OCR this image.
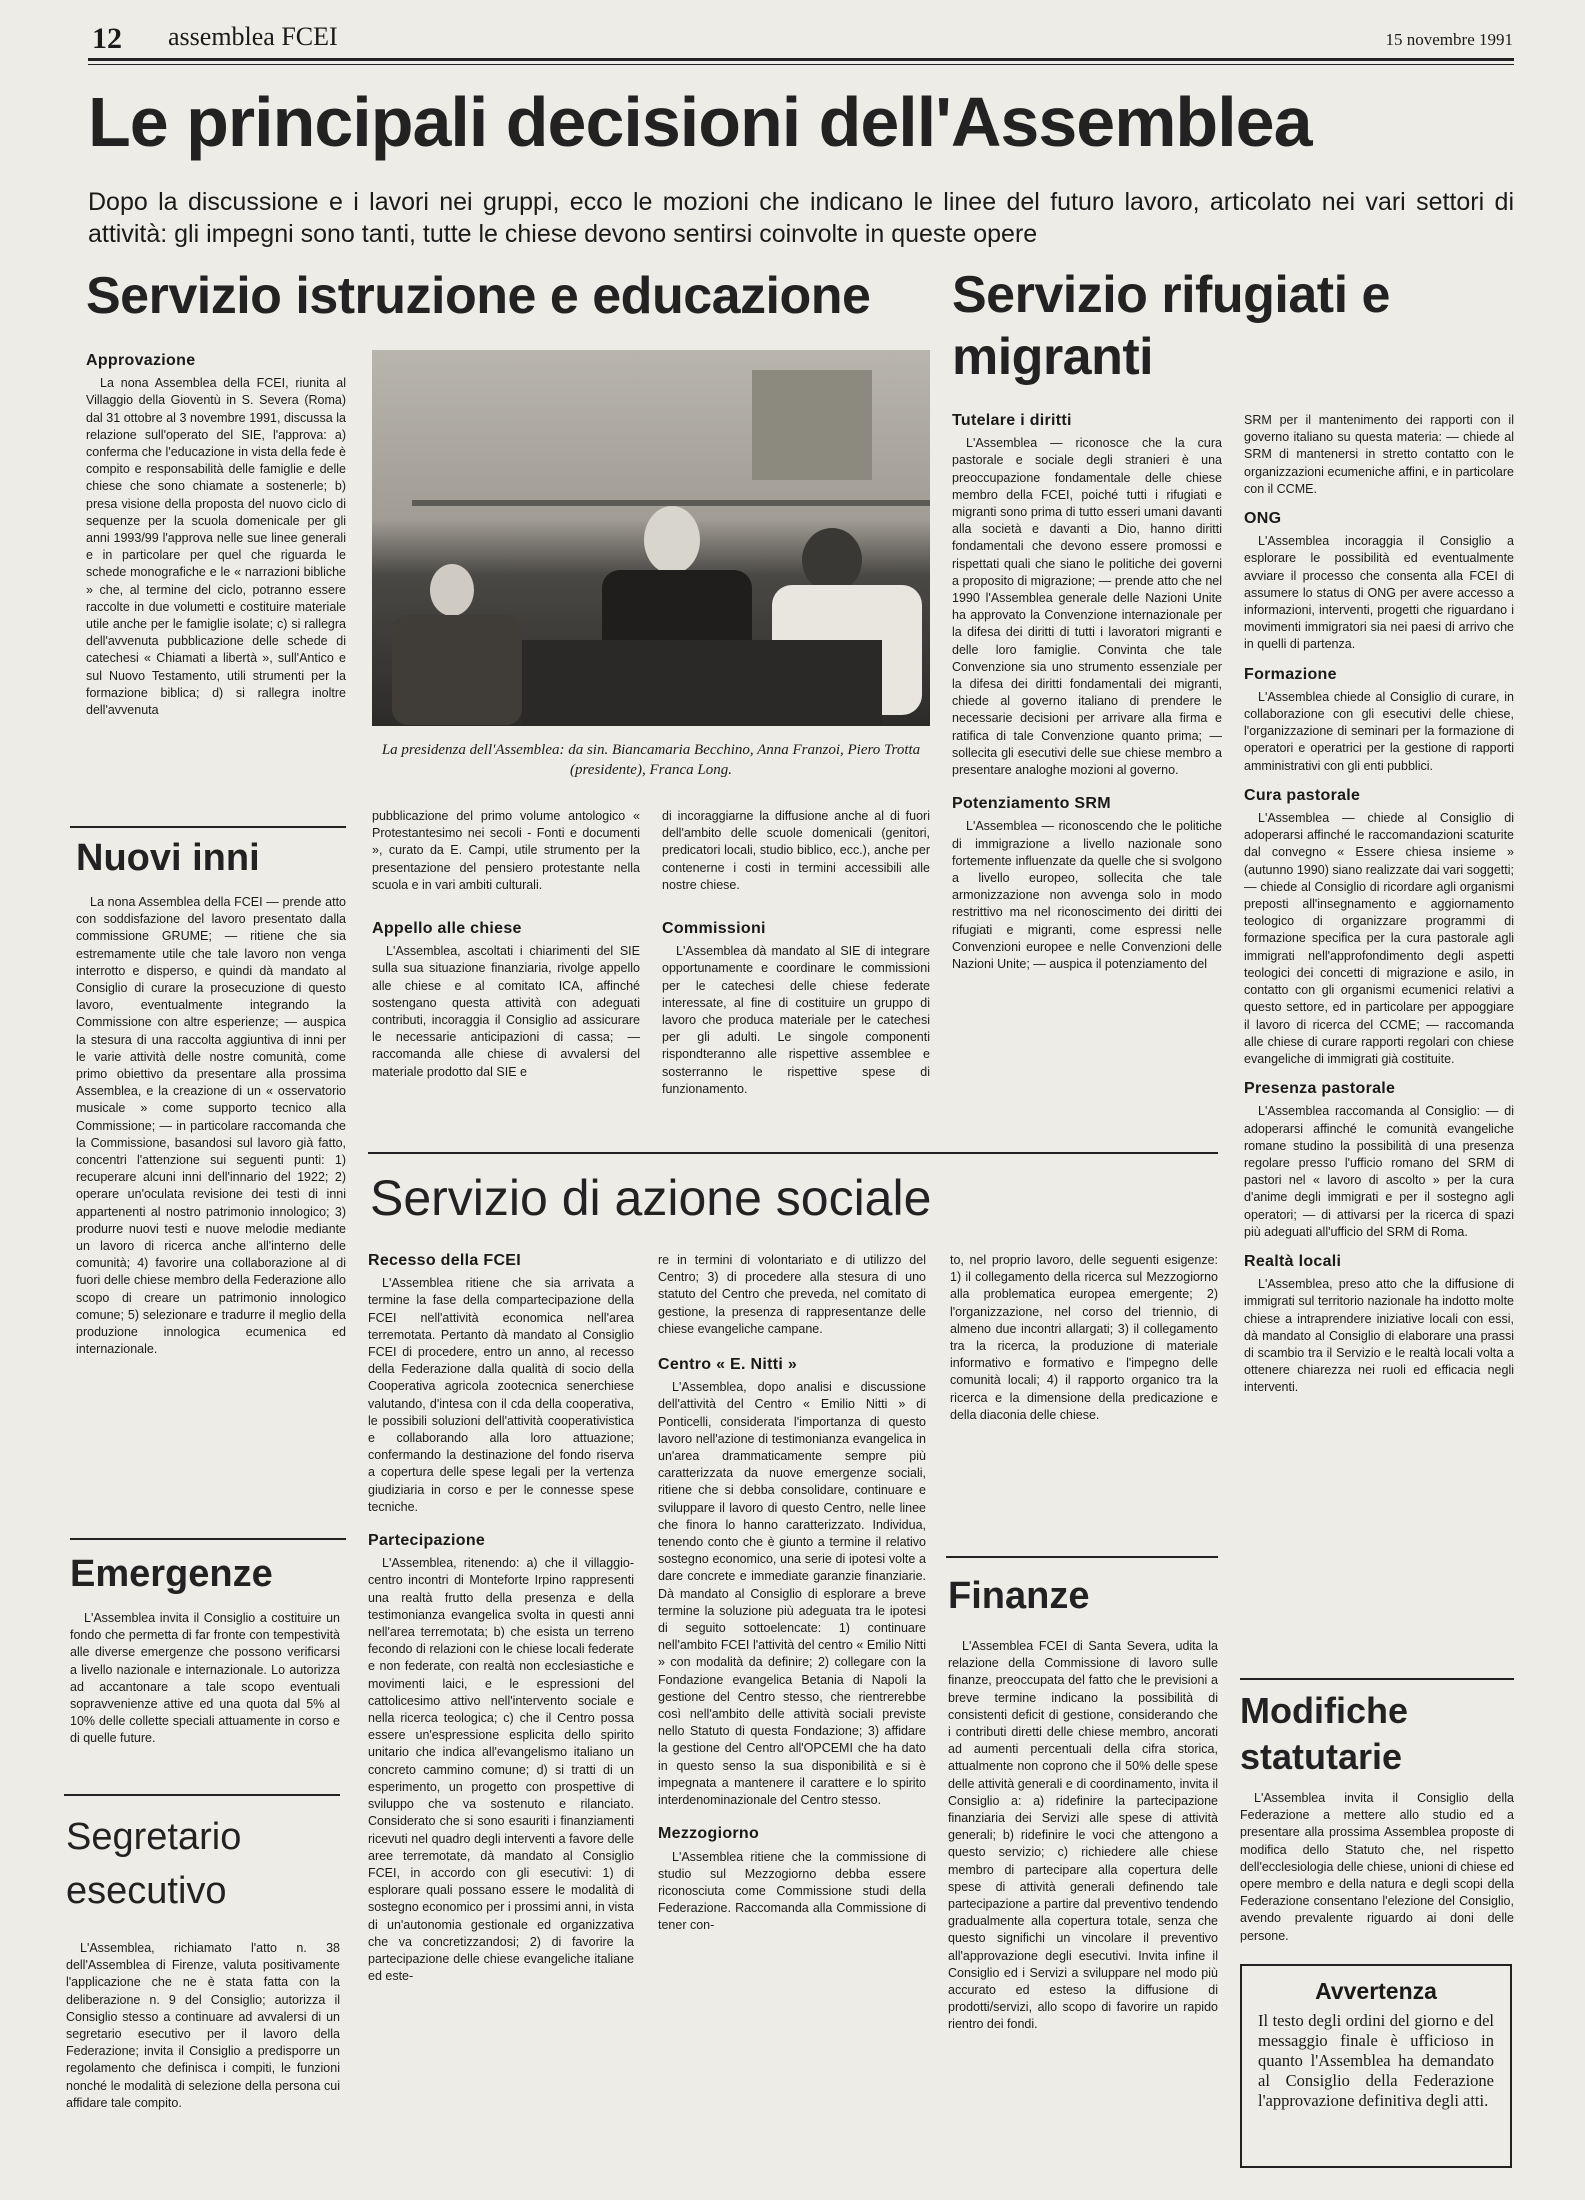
12 assemblea FCEI	15 novembre 1991
Le principali decisioni dell'Assemblea
Dopo la discussione e i lavori nei gruppi, ecco le mozioni che indicano le linee del futuro lavoro, articolato nei vari settori di attività: gli impegni sono tanti, tutte le chiese devono sentirsi coinvolte in queste opere
Servizio istruzione e educazione
Approvazione

La nona Assemblea della FCEI, riunita al Villaggio della Gioventù in S. Severa (Roma) dal 31 ottobre al 3 novembre 1991, discussa la relazione sull'operato del SIE, l'approva: a) conferma che l'educazione in vista della fede è compito e responsabilità delle famiglie e delle chiese che sono chiamate a sostenerle; b) presa visione della proposta del nuovo ciclo di sequenze per la scuola domenicale per gli anni 1993/99 l'approva nelle sue linee generali e in particolare per quel che riguarda le schede monografiche e le « narrazioni bibliche » che, al termine del ciclo, potranno essere raccolte in due volumetti e costituire materiale utile anche per le famiglie isolate; c) si rallegra dell'avvenuta pubblicazione delle schede di catechesi « Chiamati a libertà », sull'Antico e sul Nuovo Testamento, utili strumenti per la formazione biblica; d) si rallegra inoltre dell'avvenuta

La presidenza dell'Assemblea: da sin. Biancamaria Becchino, Anna Franzoi, Piero Trotta (presidente), Franca Long.

pubblicazione del primo volume antologico « Protestantesimo nei secoli - Fonti e documenti », curato da E. Campi, utile strumento per la presentazione del pensiero protestante nella scuola e in vari ambiti culturali.

Appello alle chiese

L'Assemblea, ascoltati i chiarimenti del SIE sulla sua situazione finanziaria, rivolge appello alle chiese e al comitato ICA, affinché sostengano questa attività con adeguati contributi, incoraggia il Consiglio ad assicurare le necessarie anticipazioni di cassa; — raccomanda alle chiese di avvalersi del materiale prodotto dal SIE e

di incoraggiarne la diffusione anche al di fuori dell'ambito delle scuole domenicali (genitori, predicatori locali, studio biblico, ecc.), anche per contenerne i costi in termini accessibili alle nostre chiese.

Commissioni

L'Assemblea dà mandato al SIE di integrare opportunamente e coordinare le commissioni per le catechesi delle chiese federate interessate, al fine di costituire un gruppo di lavoro che produca materiale per le catechesi per gli adulti. Le singole componenti rispondteranno alle rispettive assemblee e sosterranno le rispettive spese di funzionamento.

Nuovi inni

La nona Assemblea della FCEI — prende atto con soddisfazione del lavoro presentato dalla commissione GRUME; — ritiene che sia estremamente utile che tale lavoro non venga interrotto e disperso, e quindi dà mandato al Consiglio di curare la prosecuzione di questo lavoro, eventualmente integrando la Commissione con altre esperienze; — auspica la stesura di una raccolta aggiuntiva di inni per le varie attività delle nostre comunità, come primo obiettivo da presentare alla prossima Assemblea, e la creazione di un « osservatorio musicale » come supporto tecnico alla Commissione; — in particolare raccomanda che la Commissione, basandosi sul lavoro già fatto, concentri l'attenzione sui seguenti punti: 1) recuperare alcuni inni dell'innario del 1922; 2) operare un'oculata revisione dei testi di inni appartenenti al nostro patrimonio innologico; 3) produrre nuovi testi e nuove melodie mediante un lavoro di ricerca anche all'interno delle comunità; 4) favorire una collaborazione al di fuori delle chiese membro della Federazione allo scopo di creare un patrimonio innologico comune; 5) selezionare e tradurre il meglio della produzione innologica ecumenica ed internazionale.

Emergenze

L'Assemblea invita il Consiglio a costituire un fondo che permetta di far fronte con tempestività alle diverse emergenze che possono verificarsi a livello nazionale e internazionale. Lo autorizza ad accantonare a tale scopo eventuali sopravvenienze attive ed una quota dal 5% al 10% delle collette speciali attuamente in corso e di quelle future.

Segretario esecutivo

L'Assemblea, richiamato l'atto n. 38 dell'Assemblea di Firenze, valuta positivamente l'applicazione che ne è stata fatta con la deliberazione n. 9 del Consiglio; autorizza il Consiglio stesso a continuare ad avvalersi di un segretario esecutivo per il lavoro della Federazione; invita il Consiglio a predisporre un regolamento che definisca i compiti, le funzioni nonché le modalità di selezione della persona cui affidare tale compito.

Servizio rifugiati e migranti
Tutelare i diritti

L'Assemblea — riconosce che la cura pastorale e sociale degli stranieri è una preoccupazione fondamentale delle chiese membro della FCEI, poiché tutti i rifugiati e migranti sono prima di tutto esseri umani davanti alla società e davanti a Dio, hanno diritti fondamentali che devono essere promossi e rispettati quali che siano le politiche dei governi a proposito di migrazione; — prende atto che nel 1990 l'Assemblea generale delle Nazioni Unite ha approvato la Convenzione internazionale per la difesa dei diritti di tutti i lavoratori migranti e delle loro famiglie. Convinta che tale Convenzione sia uno strumento essenziale per la difesa dei diritti fondamentali dei migranti, chiede al governo italiano di prendere le necessarie decisioni per arrivare alla firma e ratifica di tale Convenzione quanto prima; — sollecita gli esecutivi delle sue chiese membro a presentare analoghe mozioni al governo.

Potenziamento SRM

L'Assemblea — riconoscendo che le politiche di immigrazione a livello nazionale sono fortemente influenzate da quelle che si svolgono a livello europeo, sollecita che tale armonizzazione non avvenga solo in modo restrittivo ma nel riconoscimento dei diritti dei rifugiati e migranti, come espressi nelle Convenzioni europee e nelle Convenzioni delle Nazioni Unite; — auspica il potenziamento del

SRM per il mantenimento dei rapporti con il governo italiano su questa materia: — chiede al SRM di mantenersi in stretto contatto con le organizzazioni ecumeniche affini, e in particolare con il CCME.

ONG

L'Assemblea incoraggia il Consiglio a esplorare le possibilità ed eventualmente avviare il processo che consenta alla FCEI di assumere lo status di ONG per avere accesso a informazioni, interventi, progetti che riguardano i movimenti immigratori sia nei paesi di arrivo che in quelli di partenza.

Formazione

L'Assemblea chiede al Consiglio di curare, in collaborazione con gli esecutivi delle chiese, l'organizzazione di seminari per la formazione di operatori e operatrici per la gestione di rapporti amministrativi con gli enti pubblici.

Cura pastorale

L'Assemblea — chiede al Consiglio di adoperarsi affinché le raccomandazioni scaturite dal convegno « Essere chiesa insieme » (autunno 1990) siano realizzate dai vari soggetti; — chiede al Consiglio di ricordare agli organismi preposti all'insegnamento e aggiornamento teologico di organizzare programmi di formazione specifica per la cura pastorale agli immigrati nell'approfondimento degli aspetti teologici dei concetti di migrazione e asilo, in contatto con gli organismi ecumenici relativi a questo settore, ed in particolare per appoggiare il lavoro di ricerca del CCME; — raccomanda alle chiese di curare rapporti regolari con chiese evangeliche di immigrati già costituite.

Presenza pastorale

L'Assemblea raccomanda al Consiglio: — di adoperarsi affinché le comunità evangeliche romane studino la possibilità di una presenza regolare presso l'ufficio romano del SRM di pastori nel « lavoro di ascolto » per la cura d'anime degli immigrati e per il sostegno agli operatori; — di attivarsi per la ricerca di spazi più adeguati all'ufficio del SRM di Roma.

Realtà locali

L'Assemblea, preso atto che la diffusione di immigrati sul territorio nazionale ha indotto molte chiese a intraprendere iniziative locali con essi, dà mandato al Consiglio di elaborare una prassi di scambio tra il Servizio e le realtà locali volta a ottenere chiarezza nei ruoli ed efficacia negli interventi.

Modifiche statutarie

L'Assemblea invita il Consiglio della Federazione a mettere allo studio ed a presentare alla prossima Assemblea proposte di modifica dello Statuto che, nel rispetto dell'ecclesiologia delle chiese, unioni di chiese ed opere membro e della natura e degli scopi della Federazione consentano l'elezione del Consiglio, avendo prevalente riguardo ai doni delle persone.

Avvertenza
Il testo degli ordini del giorno e del messaggio finale è ufficioso in quanto l'Assemblea ha demandato al Consiglio della Federazione l'approvazione definitiva degli atti.
Servizio di azione sociale
Recesso della FCEI

L'Assemblea ritiene che sia arrivata a termine la fase della compartecipazione della FCEI nell'attività economica nell'area terremotata. Pertanto dà mandato al Consiglio FCEI di procedere, entro un anno, al recesso della Federazione dalla qualità di socio della Cooperativa agricola zootecnica senerchiese valutando, d'intesa con il cda della cooperativa, le possibili soluzioni dell'attività cooperativistica e collaborando alla loro attuazione; confermando la destinazione del fondo riserva a copertura delle spese legali per la vertenza giudiziaria in corso e per le connesse spese tecniche.

Partecipazione

L'Assemblea, ritenendo: a) che il villaggio-centro incontri di Monteforte Irpino rappresenti una realtà frutto della presenza e della testimonianza evangelica svolta in questi anni nell'area terremotata; b) che esista un terreno fecondo di relazioni con le chiese locali federate e non federate, con realtà non ecclesiastiche e movimenti laici, e le espressioni del cattolicesimo attivo nell'intervento sociale e nella ricerca teologica; c) che il Centro possa essere un'espressione esplicita dello spirito unitario che indica all'evangelismo italiano un concreto cammino comune; d) si tratti di un esperimento, un progetto con prospettive di sviluppo che va sostenuto e rilanciato. Considerato che si sono esauriti i finanziamenti ricevuti nel quadro degli interventi a favore delle aree terremotate, dà mandato al Consiglio FCEI, in accordo con gli esecutivi: 1) di esplorare quali possano essere le modalità di sostegno economico per i prossimi anni, in vista di un'autonomia gestionale ed organizzativa che va concretizzandosi; 2) di favorire la partecipazione delle chiese evangeliche italiane ed este-

re in termini di volontariato e di utilizzo del Centro; 3) di procedere alla stesura di uno statuto del Centro che preveda, nel comitato di gestione, la presenza di rappresentanze delle chiese evangeliche campane.

Centro « E. Nitti »

L'Assemblea, dopo analisi e discussione dell'attività del Centro « Emilio Nitti » di Ponticelli, considerata l'importanza di questo lavoro nell'azione di testimonianza evangelica in un'area drammaticamente sempre più caratterizzata da nuove emergenze sociali, ritiene che si debba consolidare, continuare e sviluppare il lavoro di questo Centro, nelle linee che finora lo hanno caratterizzato. Individua, tenendo conto che è giunto a termine il relativo sostegno economico, una serie di ipotesi volte a dare concrete e immediate garanzie finanziarie. Dà mandato al Consiglio di esplorare a breve termine la soluzione più adeguata tra le ipotesi di seguito sottoelencate: 1) continuare nell'ambito FCEI l'attività del centro « Emilio Nitti » con modalità da definire; 2) collegare con la Fondazione evangelica Betania di Napoli la gestione del Centro stesso, che rientrerebbe così nell'ambito delle attività sociali previste nello Statuto di questa Fondazione; 3) affidare la gestione del Centro all'OPCEMI che ha dato in questo senso la sua disponibilità e si è impegnata a mantenere il carattere e lo spirito interdenominazionale del Centro stesso.

Mezzogiorno

L'Assemblea ritiene che la commissione di studio sul Mezzogiorno debba essere riconosciuta come Commissione studi della Federazione. Raccomanda alla Commissione di tener con-

to, nel proprio lavoro, delle seguenti esigenze: 1) il collegamento della ricerca sul Mezzogiorno alla problematica europea emergente; 2) l'organizzazione, nel corso del triennio, di almeno due incontri allargati; 3) il collegamento tra la ricerca, la produzione di materiale informativo e formativo e l'impegno delle comunità locali; 4) il rapporto organico tra la ricerca e la dimensione della predicazione e della diaconia delle chiese.

Finanze

L'Assemblea FCEI di Santa Severa, udita la relazione della Commissione di lavoro sulle finanze, preoccupata del fatto che le previsioni a breve termine indicano la possibilità di consistenti deficit di gestione, considerando che i contributi diretti delle chiese membro, ancorati ad aumenti percentuali della cifra storica, attualmente non coprono che il 50% delle spese delle attività generali e di coordinamento, invita il Consiglio a: a) ridefinire la partecipazione finanziaria dei Servizi alle spese di attività generali; b) ridefinire le voci che attengono a questo servizio; c) richiedere alle chiese membro di partecipare alla copertura delle spese di attività generali definendo tale partecipazione a partire dal preventivo tendendo gradualmente alla copertura totale, senza che questo significhi un vincolare il preventivo all'approvazione degli esecutivi. Invita infine il Consiglio ed i Servizi a sviluppare nel modo più accurato ed esteso la diffusione di prodotti/servizi, allo scopo di favorire un rapido rientro dei fondi.
